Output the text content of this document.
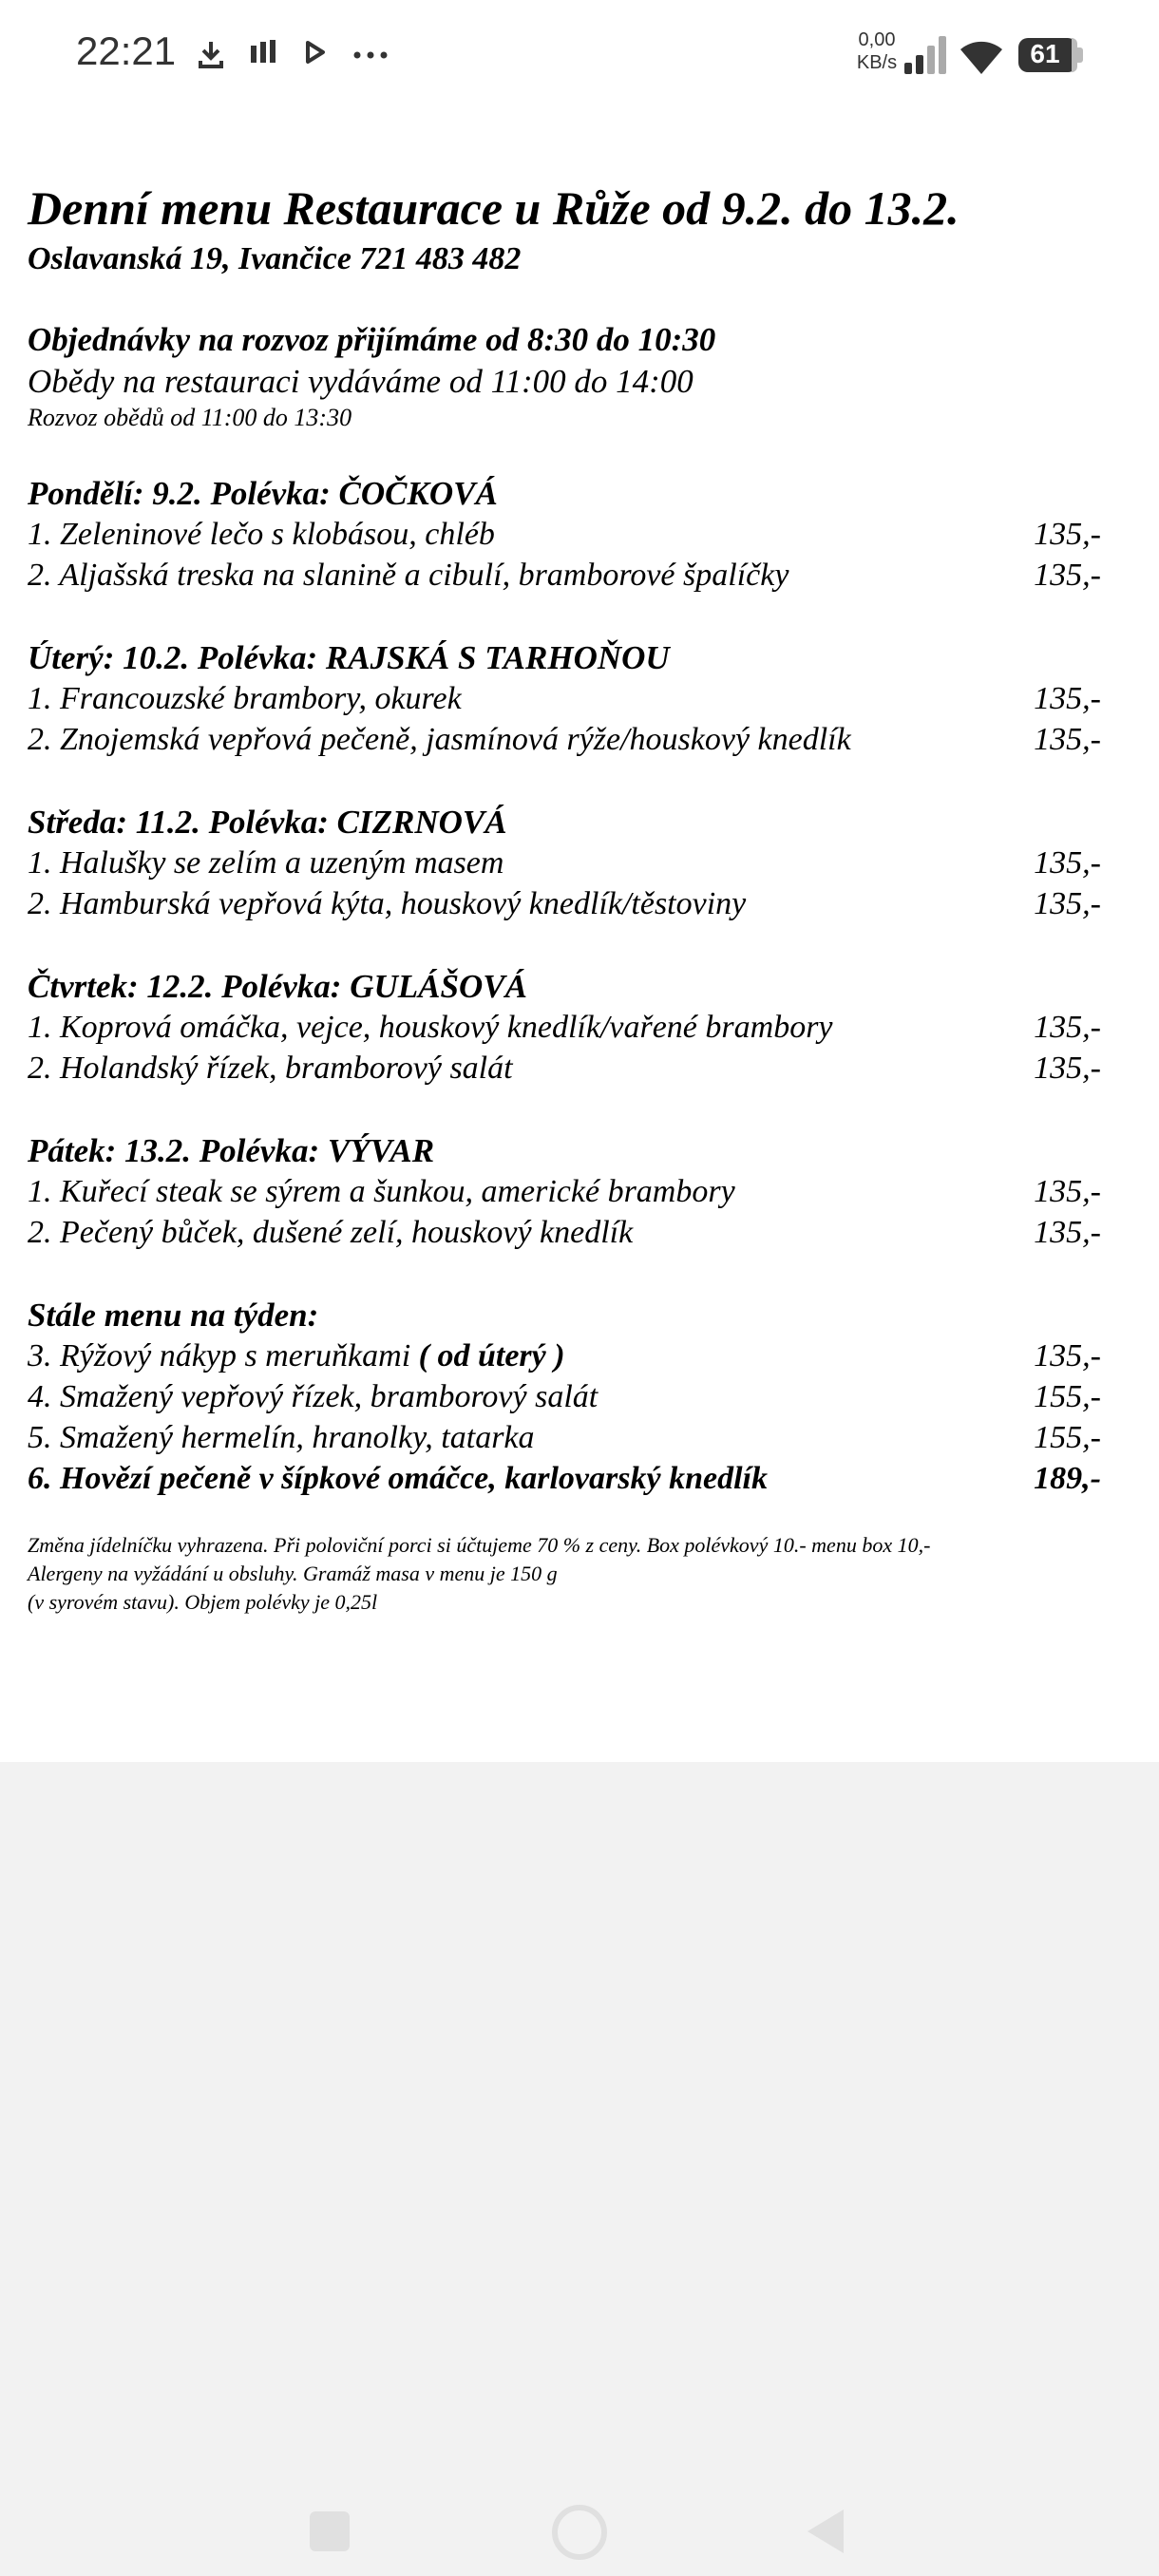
22:21	0,00
KB/s	61
Denní menu Restaurace u Růže od 9.2. do 13.2.
Oslavanská 19, Ivančice 721 483 482
Objednávky na rozvoz přijímáme od 8:30 do 10:30
Obědy na restauraci vydáváme od 11:00 do 14:00
Rozvoz obědů od 11:00 do 13:30
Pondělí: 9.2. Polévka: ČOČKOVÁ
1. Zeleninové lečo s klobásou, chléb	135,-
2. Aljašská treska na slanině a cibulí, bramborové špalíčky	135,-
Úterý: 10.2. Polévka: RAJSKÁ S TARHOŇOU
1. Francouzské brambory, okurek	135,-
2. Znojemská vepřová pečeně, jasmínová rýže/houskový knedlík	135,-
Středa: 11.2. Polévka: CIZRNOVÁ
1. Halušky se zelím a uzeným masem	135,-
2. Hamburská vepřová kýta, houskový knedlík/těstoviny	135,-
Čtvrtek: 12.2. Polévka: GULÁŠOVÁ
1. Koprová omáčka, vejce, houskový knedlík/vařené brambory	135,-
2. Holandský řízek, bramborový salát	135,-
Pátek: 13.2. Polévka: VÝVAR
1. Kuřecí steak se sýrem a šunkou, americké brambory	135,-
2. Pečený bůček, dušené zelí, houskový knedlík	135,-
Stále menu na týden:
3. Rýžový nákyp s meruňkami ( od úterý )	135,-
4. Smažený vepřový řízek, bramborový salát	155,-
5. Smažený hermelín, hranolky, tatarka	155,-
6. Hovězí pečeně v šípkové omáčce, karlovarský knedlík	189,-
Změna jídelníčku vyhrazena. Při poloviční porci si účtujeme 70 % z ceny. Box polévkový 10.- menu box 10,-
Alergeny na vyžádání u obsluhy. Gramáž masa v menu je 150 g
(v syrovém stavu). Objem polévky je 0,25l
